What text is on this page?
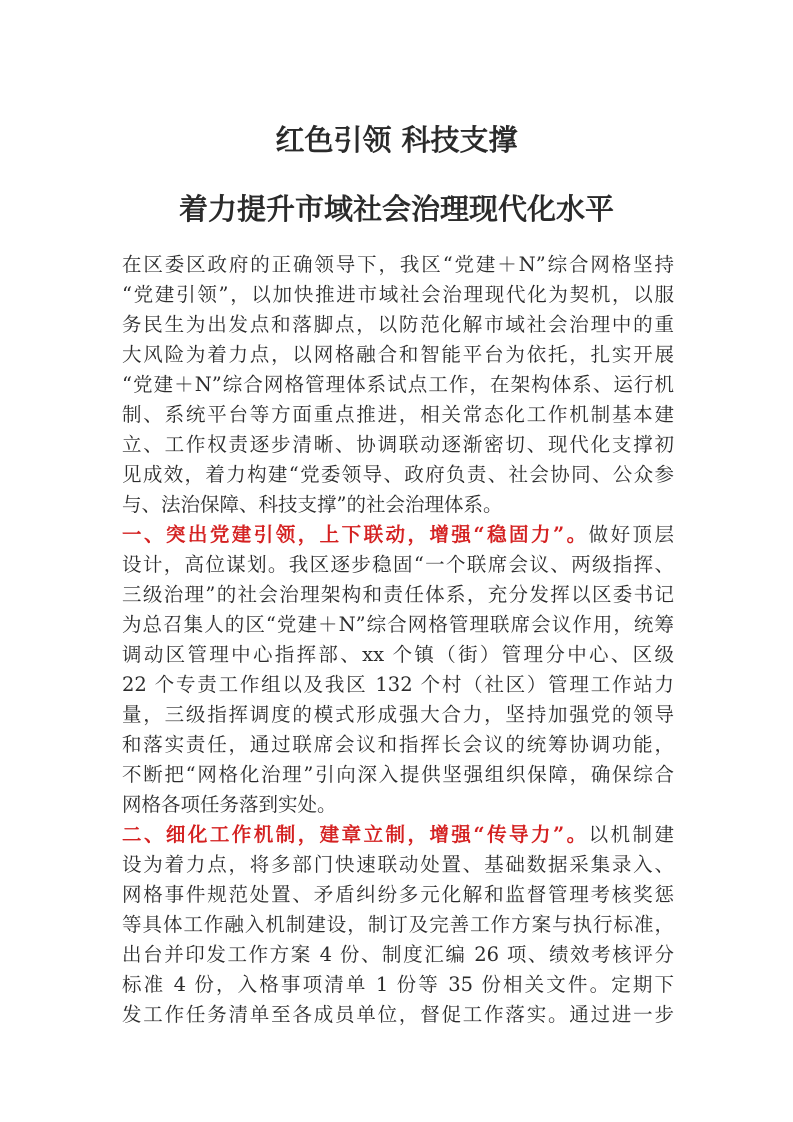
红色引领 科技支撑
着力提升市域社会治理现代化水平
在区委区政府的正确领导下，我区“党建＋N”综合网格坚持
“党建引领”，以加快推进市域社会治理现代化为契机，以服
务民生为出发点和落脚点，以防范化解市域社会治理中的重
大风险为着力点，以网格融合和智能平台为依托，扎实开展
“党建＋N”综合网格管理体系试点工作，在架构体系、运行机
制、系统平台等方面重点推进，相关常态化工作机制基本建
立、工作权责逐步清晰、协调联动逐渐密切、现代化支撑初
见成效，着力构建“党委领导、政府负责、社会协同、公众参
与、法治保障、科技支撑”的社会治理体系。
一、突出党建引领，上下联动，增强“稳固力”。做好顶层
设计，高位谋划。我区逐步稳固“一个联席会议、两级指挥、
三级治理”的社会治理架构和责任体系，充分发挥以区委书记
为总召集人的区“党建＋N”综合网格管理联席会议作用，统筹
调动区管理中心指挥部、xx 个镇（街）管理分中心、区级
22 个专责工作组以及我区 132 个村（社区）管理工作站力
量，三级指挥调度的模式形成强大合力，坚持加强党的领导
和落实责任，通过联席会议和指挥长会议的统筹协调功能，
不断把“网格化治理”引向深入提供坚强组织保障，确保综合
网格各项任务落到实处。
二、细化工作机制，建章立制，增强“传导力”。以机制建
设为着力点，将多部门快速联动处置、基础数据采集录入、
网格事件规范处置、矛盾纠纷多元化解和监督管理考核奖惩
等具体工作融入机制建设，制订及完善工作方案与执行标准，
出台并印发工作方案 4 份、制度汇编 26 项、绩效考核评分
标准 4 份，入格事项清单 1 份等 35 份相关文件。定期下
发工作任务清单至各成员单位，督促工作落实。通过进一步
